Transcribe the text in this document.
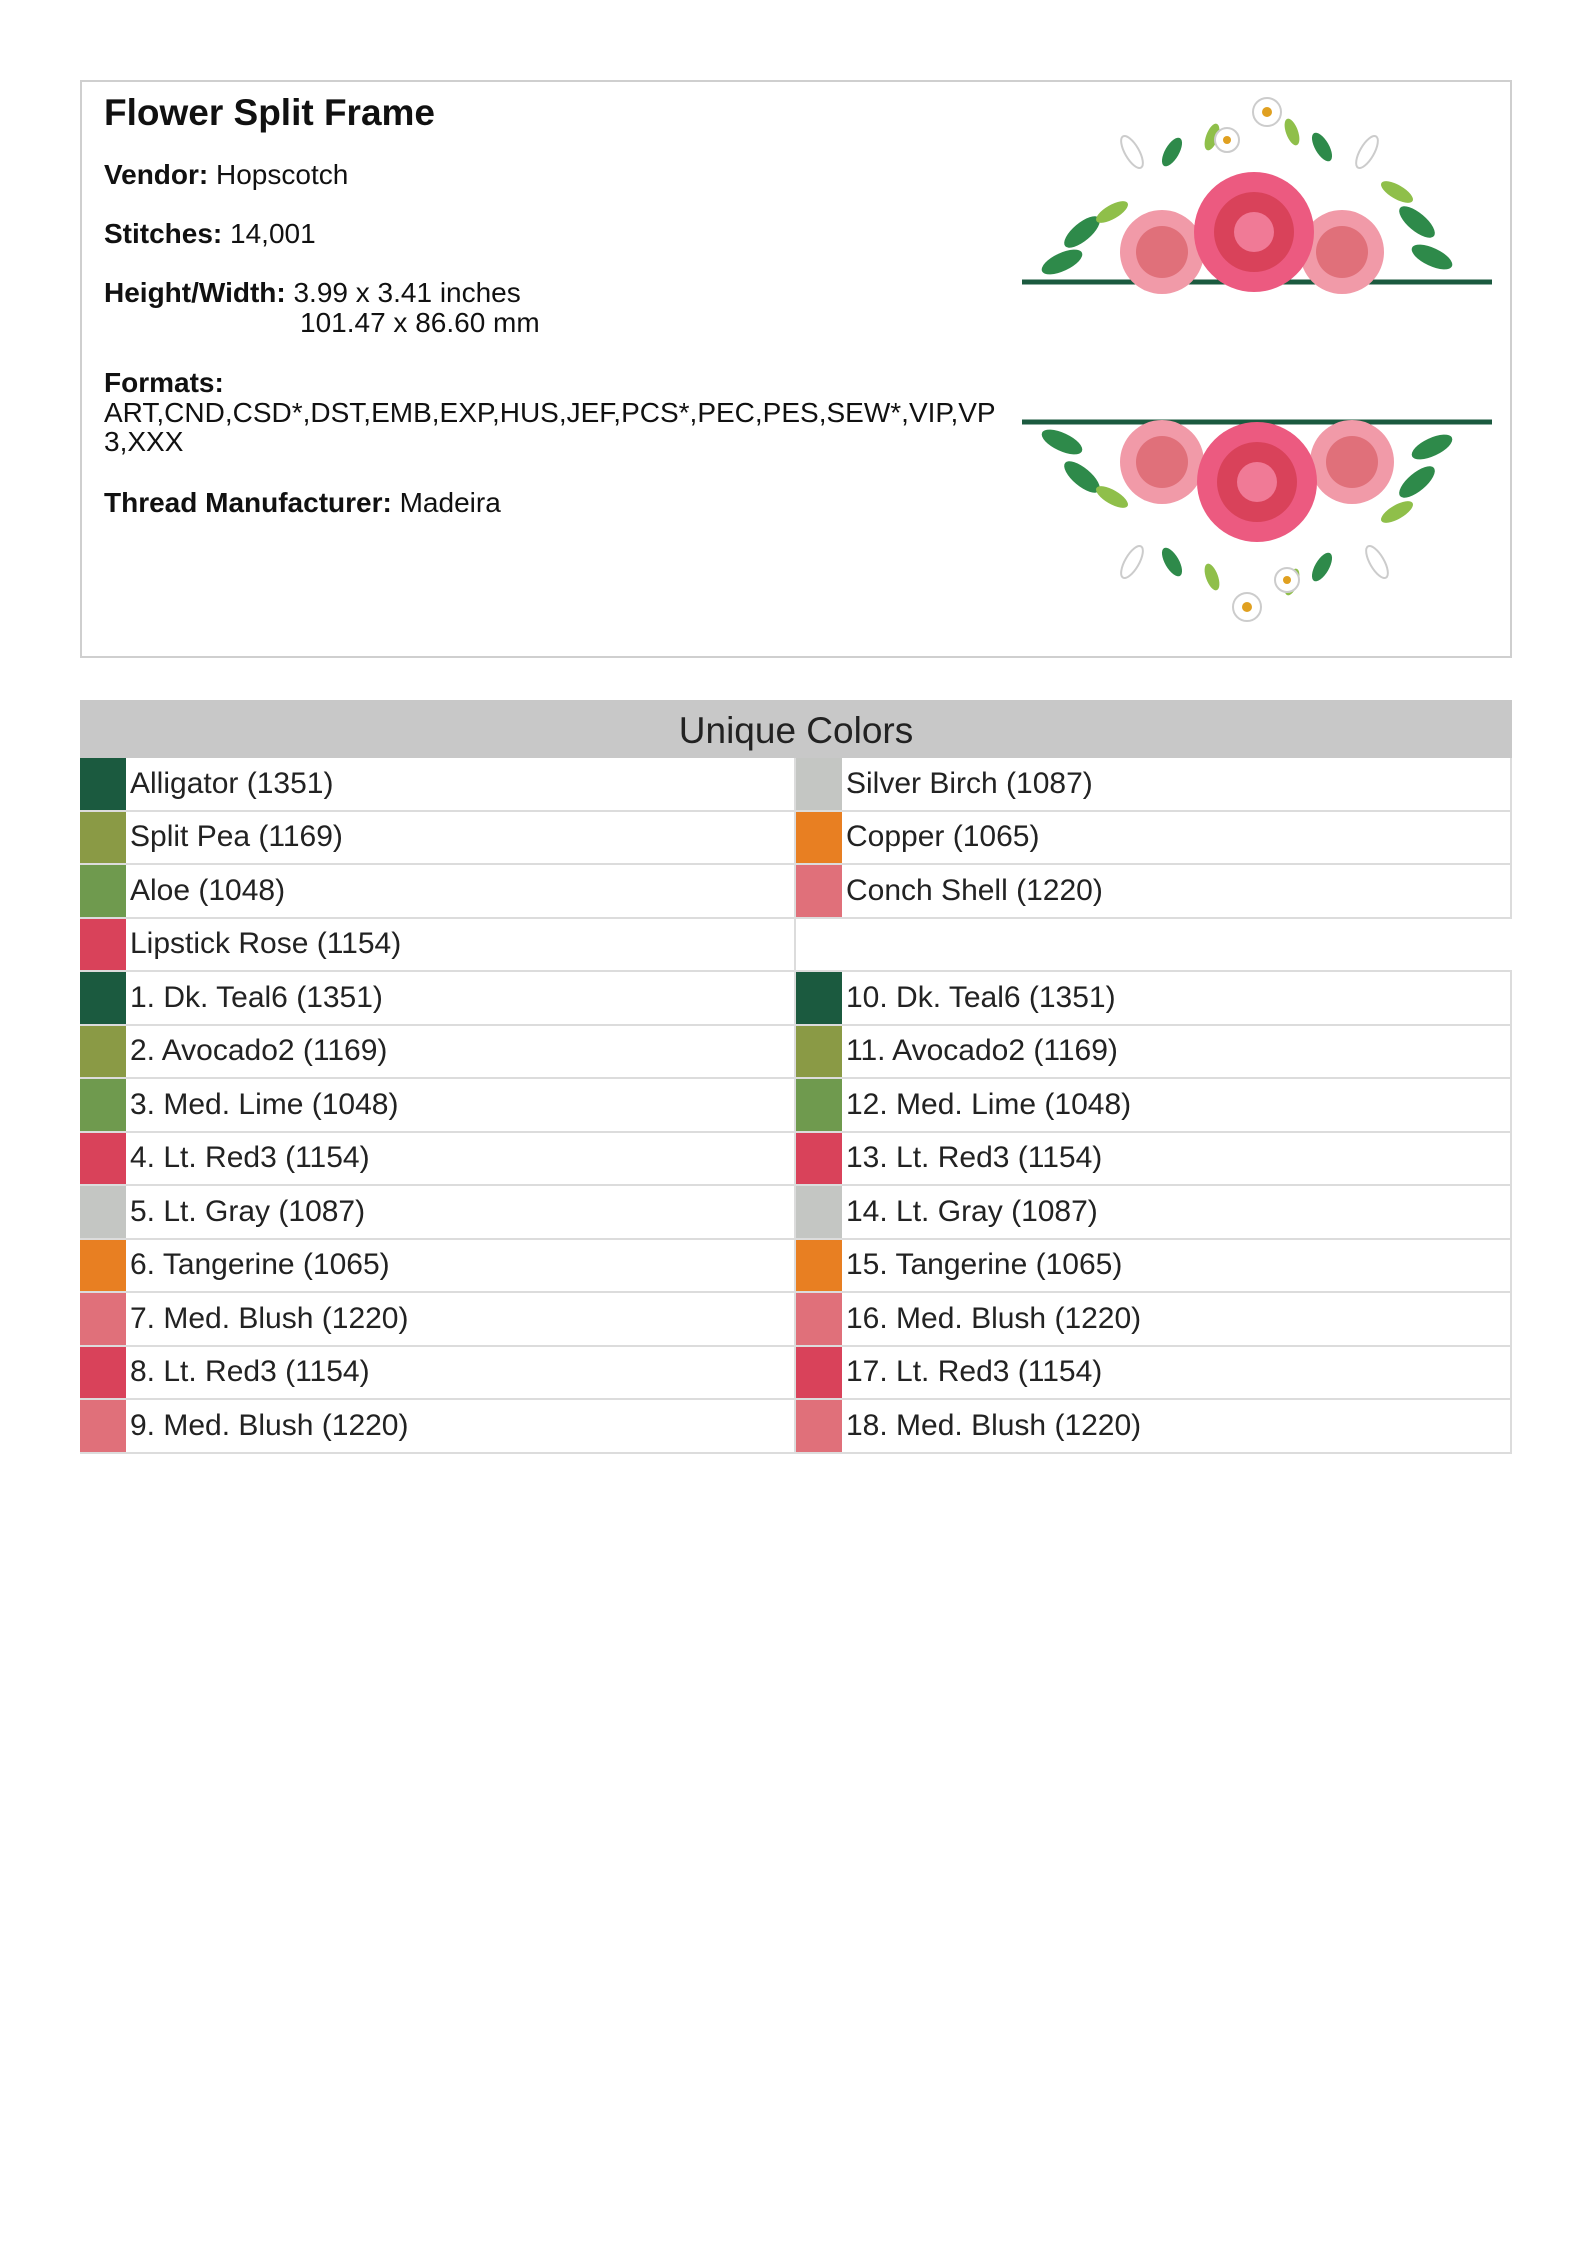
Flower Split Frame
Vendor: Hopscotch
Stitches: 14,001
Height/Width: 3.99 x 3.41 inches
101.47 x 86.60 mm
Formats:
ART,CND,CSD*,DST,EMB,EXP,HUS,JEF,PCS*,PEC,PES,SEW*,VIP,VP3,XXX
Thread Manufacturer: Madeira
Unique Colors
Alligator (1351)	Silver Birch (1087)
Split Pea (1169)	Copper (1065)
Aloe (1048)	Conch Shell (1220)
Lipstick Rose (1154)
1. Dk. Teal6 (1351)	10. Dk. Teal6 (1351)
2. Avocado2 (1169)	11. Avocado2 (1169)
3. Med. Lime (1048)	12. Med. Lime (1048)
4. Lt. Red3 (1154)	13. Lt. Red3 (1154)
5. Lt. Gray (1087)	14. Lt. Gray (1087)
6. Tangerine (1065)	15. Tangerine (1065)
7. Med. Blush (1220)	16. Med. Blush (1220)
8. Lt. Red3 (1154)	17. Lt. Red3 (1154)
9. Med. Blush (1220)	18. Med. Blush (1220)
